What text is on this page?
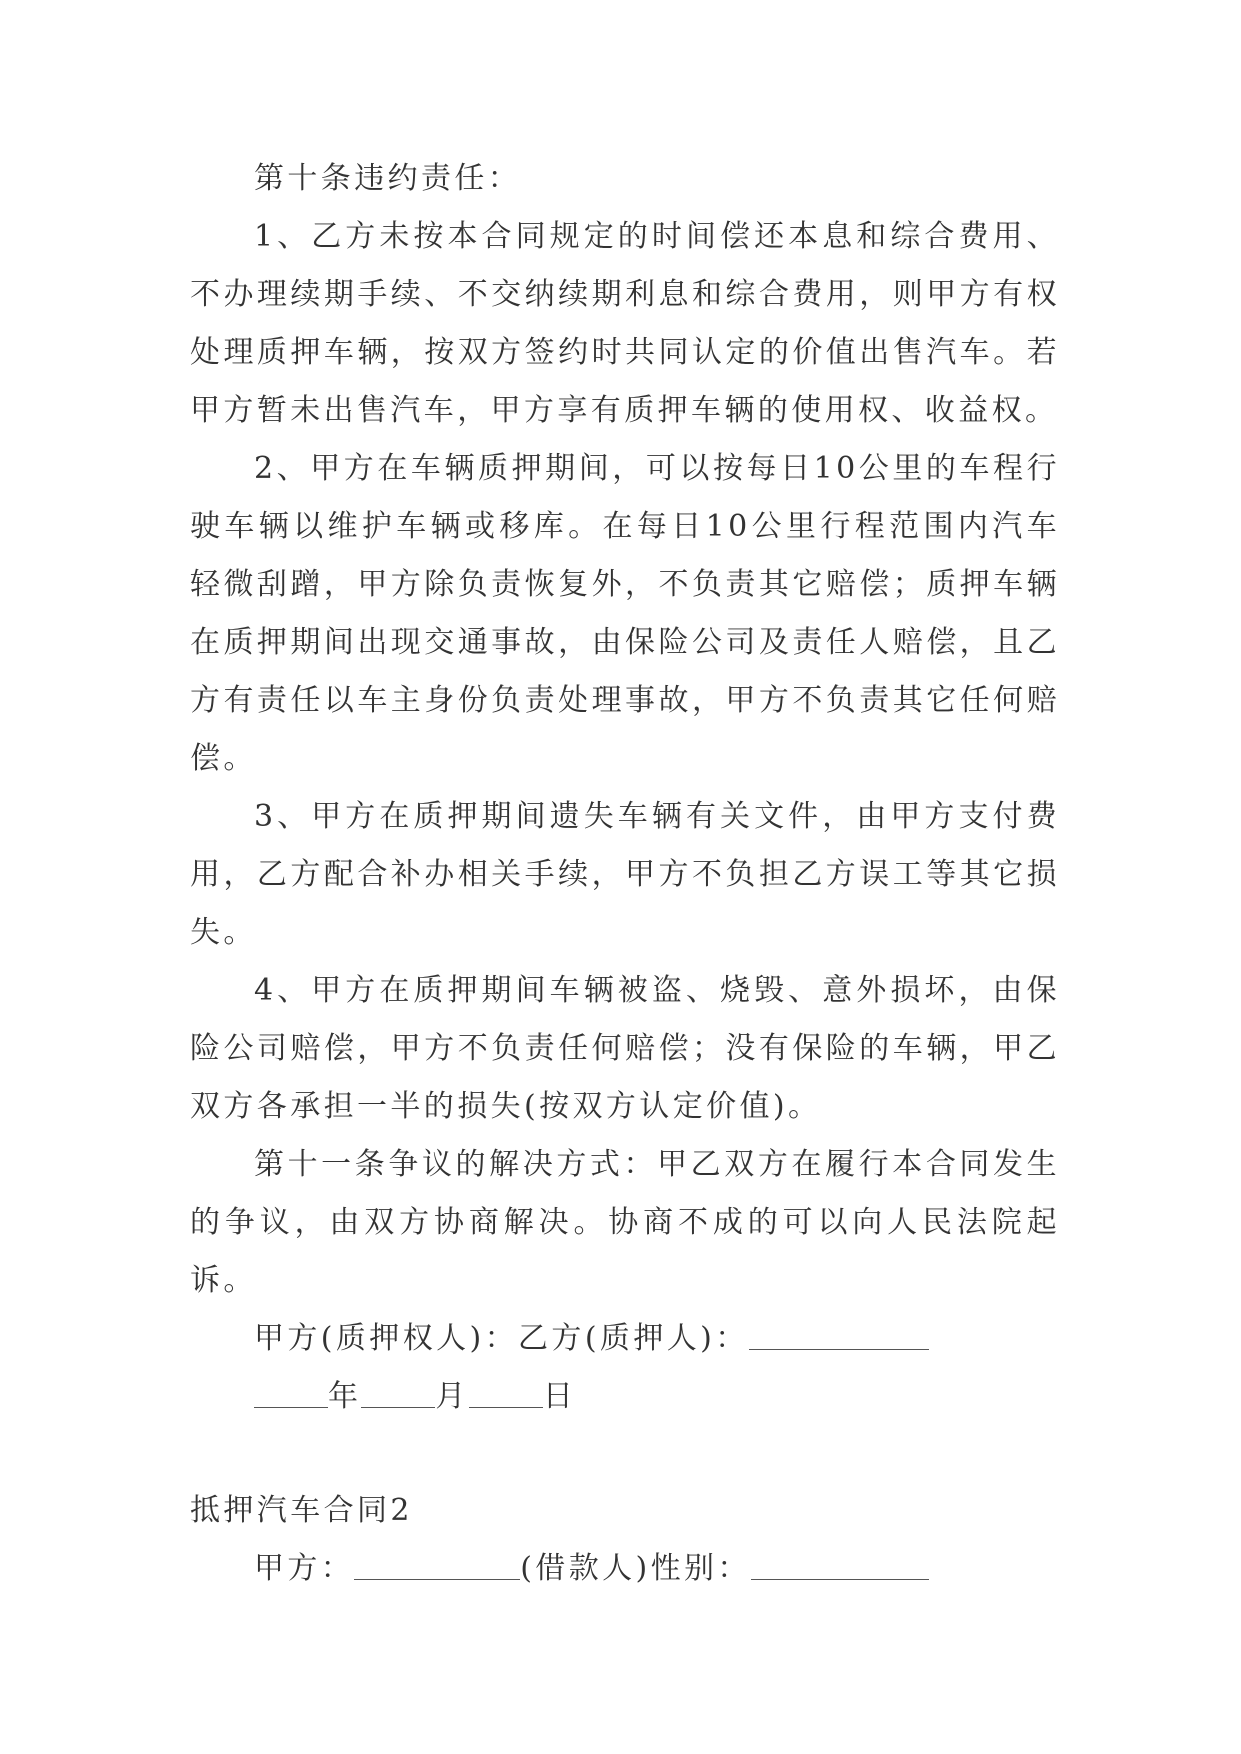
第十条违约责任：

1、乙方未按本合同规定的时间偿还本息和综合费用、不办理续期手续、不交纳续期利息和综合费用，则甲方有权处理质押车辆，按双方签约时共同认定的价值出售汽车。若甲方暂未出售汽车，甲方享有质押车辆的使用权、收益权。

2、甲方在车辆质押期间，可以按每日10公里的车程行驶车辆以维护车辆或移库。在每日10公里行程范围内汽车轻微刮蹭，甲方除负责恢复外，不负责其它赔偿；质押车辆在质押期间出现交通事故，由保险公司及责任人赔偿，且乙方有责任以车主身份负责处理事故，甲方不负责其它任何赔偿。

3、甲方在质押期间遗失车辆有关文件，由甲方支付费用，乙方配合补办相关手续，甲方不负担乙方误工等其它损失。

4、甲方在质押期间车辆被盗、烧毁、意外损坏，由保险公司赔偿，甲方不负责任何赔偿；没有保险的车辆，甲乙双方各承担一半的损失(按双方认定价值)。

第十一条争议的解决方式：甲乙双方在履行本合同发生的争议，由双方协商解决。协商不成的可以向人民法院起诉。

甲方(质押权人)：乙方(质押人)：

年 月 日

抵押汽车合同2

甲方：	(借款人)性别：
